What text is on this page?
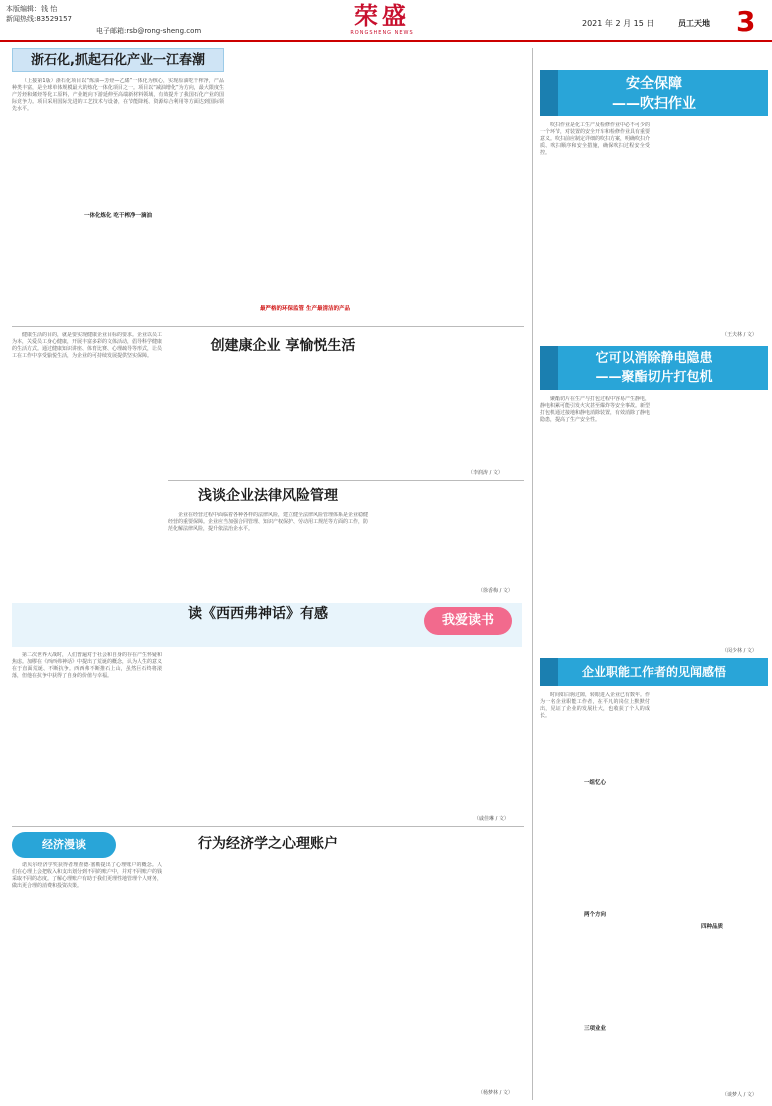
本版编辑：钱 怡
新闻热线:83529157
电子邮箱:rsb@rong-sheng.com
荣盛
RONGSHENG NEWS
2021 年 2 月 15 日	员工天地 3
浙石化,抓起石化产业一江春潮

（上接第1版）浙石化项目以“炼油—芳烃—乙烯”一体化为核心，实现原油吃干榨净，产品种类丰富，是全球单体规模最大的炼化一体化项目之一。项目以“减油增化”为方向，最大限度生产芳烃和烯烃等化工原料，产业链向下游延伸至高端新材料领域，有效提升了我国石化产业的国际竞争力。项目采用国际先进的工艺技术与设备，在节能降耗、资源综合利用等方面达到国际领先水平。

一体化炼化 吃干榨净一滴油
最严格的环保监管 生产最清洁的产品

健康生活的目的，就是要实现健康企业目标的要求。企业以员工为本，关爱员工身心健康，开展丰富多彩的文体活动，倡导科学健康的生活方式。通过健康知识讲座、体育比赛、心理疏导等形式，让员工在工作中享受愉悦生活，为企业的可持续发展提供坚实保障。

创建康企业 享愉悦生活
（李润涛 / 文）
浅谈企业法律风险管理

企业在经营过程中面临着各种各样的法律风险，建立健全法律风险管理体系是企业稳健经营的重要保障。企业应当加强合同管理、知识产权保护、劳动用工规范等方面的工作，防范化解法律风险，提升依法治企水平。

（徐香梅 / 文）
读《西西弗神话》有感	我爱读书

第二次世界大战时，人们普遍对于社会和自身的存在产生怀疑和焦虑。加缪在《西西弗神话》中提出了荒诞的概念，认为人生的意义在于直面荒诞、不断抗争。西西弗不断推石上山，虽然巨石终将滚落，但他在抗争中获得了自身的价值与幸福。

（戚佳琳 / 文）
经济漫谈	行为经济学之心理账户

诺贝尔经济学奖获得者理查德·塞勒提出了心理账户的概念。人们在心理上会把收入和支出划分到不同的账户中，并对不同账户的钱采取不同的态度。了解心理账户有助于我们更理性地管理个人财务，做出更合理的消费和投资决策。

（杨梦林 / 文）
安全保障
——吹扫作业

吹扫作业是化工生产及检修作业中必不可少的一个环节，对装置的安全开车和检修作业具有重要意义。吹扫前应制定详细的吹扫方案，明确吹扫介质、吹扫顺序和安全措施，确保吹扫过程安全受控。

（王夫林 / 文）
它可以消除静电隐患
——聚酯切片打包机

聚酯切片在生产与打包过程中容易产生静电，静电积累可能引发火灾甚至爆炸等安全事故。新型打包机通过接地和静电消除装置，有效消除了静电隐患，提高了生产安全性。

（闵少林 / 文）
企业职能工作者的见闻感悟

时间如白驹过隙，转眼进入企业已有数年。作为一名企业职能工作者，在平凡的岗位上默默付出，见证了企业的发展壮大，也收获了个人的成长。

一组忆心
两个方向
三项业业
四种品质
（谈梦人 / 文）
